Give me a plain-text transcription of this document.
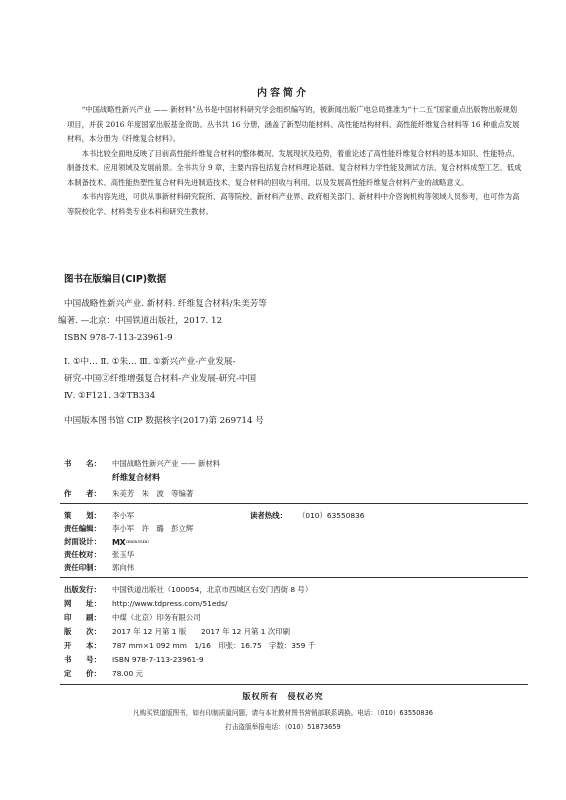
内容简介

“中国战略性新兴产业 —— 新材料”丛书是中国材料研究学会组织编写的，被新闻出版广电总局推准为“十二五”国家重点出版物出版规划项目，并获 2016 年度国家出版基金资助。丛书共 16 分册，涵盖了新型功能材料、高性能结构材料、高性能纤维复合材料等 16 种重点发展材料，本分册为《纤维复合材料》。

本书比较全面地反映了目前高性能纤维复合材料的整体概况、发展现状及趋势，着重论述了高性能纤维复合材料的基本知识、性能特点、制备技术、应用领域及发展前景。全书共分 9 章，主要内容包括复合材料理论基础、复合材料力学性能及测试方法、复合材料成型工艺、低成本制备技术、高性能热塑性复合材料先进制造技术、复合材料的回收与利用，以及发展高性能纤维复合材料产业的战略意义。

本书内容先进，可供从事新材料研究院所、高等院校、新材料产业界、政府相关部门、新材料中介咨询机构等领域人员参考，也可作为高等院校化学、材料类专业本科和研究生教材。

图书在版编目(CIP)数据
中国战略性新兴产业. 新材料. 纤维复合材料/朱美芳等
编著. —北京：中国铁道出版社，2017. 12
ISBN 978-7-113-23961-9
Ⅰ. ①中… Ⅱ. ①朱… Ⅲ. ①新兴产业-产业发展-
研究-中国②纤维增强复合材料-产业发展-研究-中国
Ⅳ. ①F121. 3②TB334
中国版本图书馆 CIP 数据核字(2017)第 269714 号
书　　名： 中国战略性新兴产业 —— 新材料
纤维复合材料
作　　者： 朱美芳　朱　波　等编著
策　　划： 李小军	读者热线： （010）63550836
责任编辑： 李小军　许　璐　彭立辉
封面设计： MXDESIGN STUDIO
责任校对： 张玉华
责任印制： 郭向伟
出版发行： 中国铁道出版社（100054，北京市西城区右安门西街 8 号）
网　　址： http://www.tdpress.com/51eds/
印　　刷： 中煤（北京）印务有限公司
版　　次： 2017 年 12 月第 1 版　　2017 年 12 月第 1 次印刷
开　　本： 787 mm×1 092 mm　1/16　印张：16.75　字数：359 千
书　　号： ISBN 978-7-113-23961-9
定　　价： 78.00 元
版权所有　侵权必究
凡购买铁道版图书，如有印制质量问题，请与本社教材图书营销部联系调换。电话：（010）63550836
打击盗版举报电话：（010）51873659
